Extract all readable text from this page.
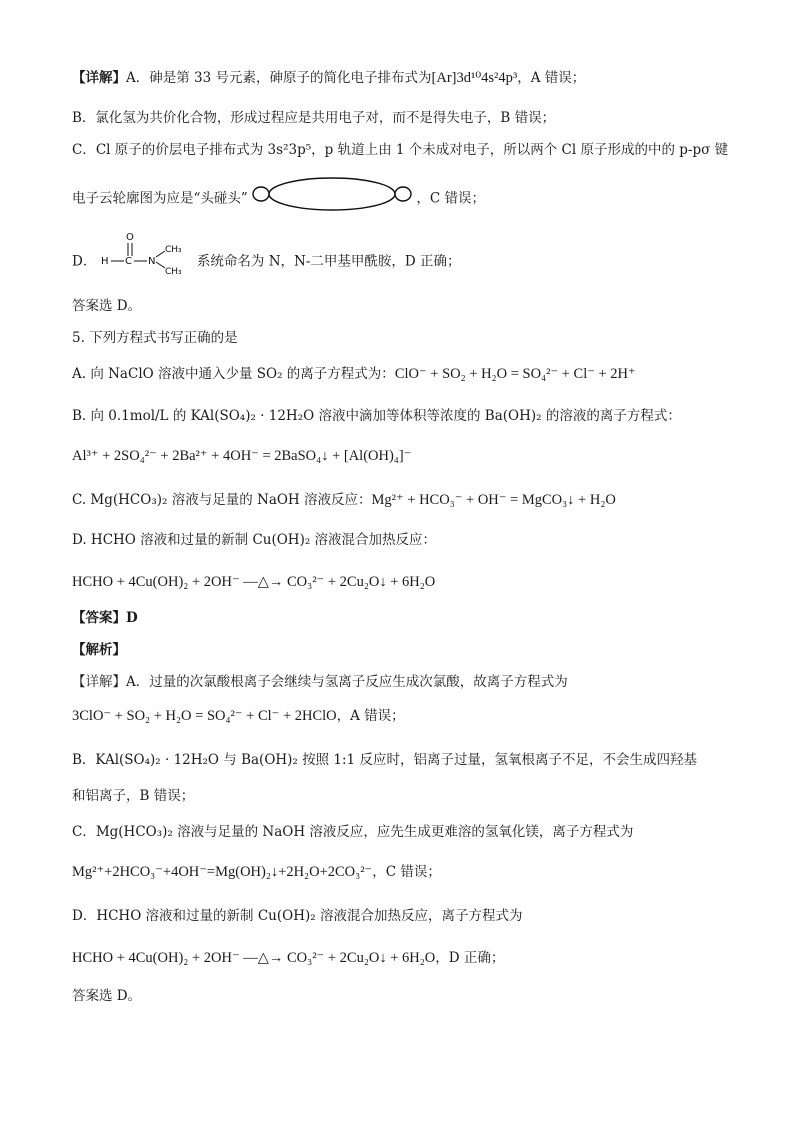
【详解】A．砷是第 33 号元素，砷原子的简化电子排布式为[Ar]3d¹⁰4s²4p³，A 错误；
B．氯化氢为共价化合物，形成过程应是共用电子对，而不是得失电子，B 错误；
C．Cl 原子的价层电子排布式为 3s²3p⁵，p 轨道上由 1 个未成对电子，所以两个 Cl 原子形成的中的 p-pσ 键
电子云轮廓图为应是“头碰头”	，C 错误；
D．
O
H C N
CH₃
CH₃
系统命名为 N，N-二甲基甲酰胺，D 正确；
答案选 D。
5. 下列方程式书写正确的是
A. 向 NaClO 溶液中通入少量 SO₂ 的离子方程式为：ClO⁻ + SO₂ + H₂O = SO₄²⁻ + Cl⁻ + 2H⁺
B. 向 0.1mol/L 的 KAl(SO₄)₂ · 12H₂O 溶液中滴加等体积等浓度的 Ba(OH)₂ 的溶液的离子方程式：
Al³⁺ + 2SO₄²⁻ + 2Ba²⁺ + 4OH⁻ = 2BaSO₄↓ + [Al(OH)₄]⁻
C. Mg(HCO₃)₂ 溶液与足量的 NaOH 溶液反应：Mg²⁺ + HCO₃⁻ + OH⁻ = MgCO₃↓ + H₂O
D. HCHO 溶液和过量的新制 Cu(OH)₂ 溶液混合加热反应：
HCHO + 4Cu(OH)₂ + 2OH⁻ —△→ CO₃²⁻ + 2Cu₂O↓ + 6H₂O
【答案】D
【解析】
【详解】A．过量的次氯酸根离子会继续与氢离子反应生成次氯酸，故离子方程式为
3ClO⁻ + SO₂ + H₂O = SO₄²⁻ + Cl⁻ + 2HClO，A 错误；
B．KAl(SO₄)₂ · 12H₂O 与 Ba(OH)₂ 按照 1:1 反应时，铝离子过量，氢氧根离子不足，不会生成四羟基
和铝离子，B 错误；
C．Mg(HCO₃)₂ 溶液与足量的 NaOH 溶液反应，应先生成更难溶的氢氧化镁，离子方程式为
Mg²⁺+2HCO₃⁻+4OH⁻=Mg(OH)₂↓+2H₂O+2CO₃²⁻，C 错误；
D．HCHO 溶液和过量的新制 Cu(OH)₂ 溶液混合加热反应，离子方程式为
HCHO + 4Cu(OH)₂ + 2OH⁻ —△→ CO₃²⁻ + 2Cu₂O↓ + 6H₂O，D 正确；
答案选 D。
